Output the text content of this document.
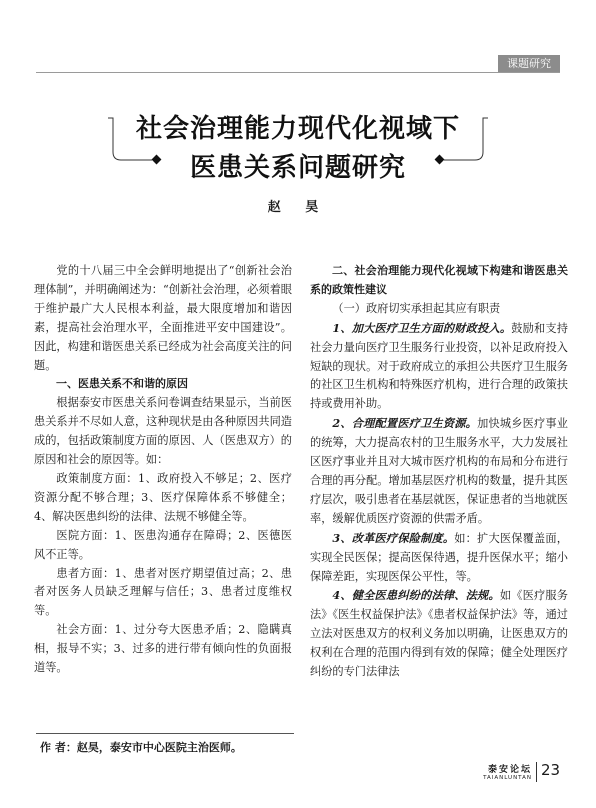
课题研究
社会治理能力现代化视域下
医患关系问题研究
赵 昊

党的十八届三中全会鲜明地提出了“创新社会治理体制”，并明确阐述为：“创新社会治理，必须着眼于维护最广大人民根本利益，最大限度增加和谐因素，提高社会治理水平，全面推进平安中国建设”。因此，构建和谐医患关系已经成为社会高度关注的问题。

一、医患关系不和谐的原因

根据泰安市医患关系问卷调查结果显示，当前医患关系并不尽如人意，这种现状是由各种原因共同造成的，包括政策制度方面的原因、人（医患双方）的原因和社会的原因等。如：

政策制度方面：1、政府投入不够足；2、医疗资源分配不够合理；3、医疗保障体系不够健全；4、解决医患纠纷的法律、法规不够健全等。

医院方面：1、医患沟通存在障碍；2、医德医风不正等。

患者方面：1、患者对医疗期望值过高；2、患者对医务人员缺乏理解与信任；3、患者过度维权等。

社会方面：1、过分夸大医患矛盾；2、隐瞒真相，报导不实；3、过多的进行带有倾向性的负面报道等。

二、社会治理能力现代化视域下构建和谐医患关系的政策性建议

（一）政府切实承担起其应有职责

1、加大医疗卫生方面的财政投入。鼓励和支持社会力量向医疗卫生服务行业投资，以补足政府投入短缺的现状。对于政府成立的承担公共医疗卫生服务的社区卫生机构和特殊医疗机构，进行合理的政策扶持或费用补助。

2、合理配置医疗卫生资源。加快城乡医疗事业的统筹，大力提高农村的卫生服务水平，大力发展社区医疗事业并且对大城市医疗机构的布局和分布进行合理的再分配。增加基层医疗机构的数量，提升其医疗层次，吸引患者在基层就医，保证患者的当地就医率，缓解优质医疗资源的供需矛盾。

3、改革医疗保险制度。如：扩大医保覆盖面，实现全民医保；提高医保待遇，提升医保水平；缩小保障差距，实现医保公平性，等。

4、健全医患纠纷的法律、法规。如《医疗服务法》《医生权益保护法》《患者权益保护法》等，通过立法对医患双方的权利义务加以明确，让医患双方的权利在合理的范围内得到有效的保障；健全处理医疗纠纷的专门法律法

作 者：赵昊，泰安市中心医院主治医师。
泰安论坛
TAIANLUNTAN 23
